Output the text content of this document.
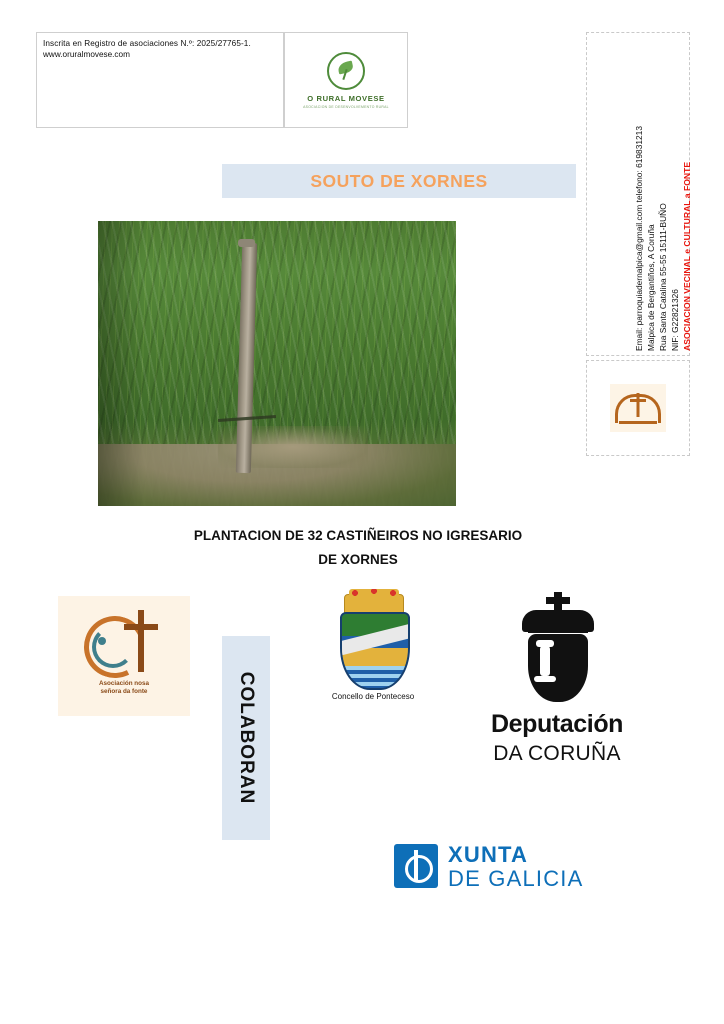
Inscrita en Registro de asociaciones N.º: 2025/27765-1.
www.oruralmovese.com
O RURAL MOVESE
ASOCIACION DE DESENVOLVEMENTO RURAL
ASOCIACION VECINAL e CULTURAL a FONTE
NIF: G22821326
Rua Santa Catalina 55-55 15111-BUÑO
Malpica de Bergantiños, A Coruña
Email: parroquiadernalpica@gmail.com telefono: 619831213
SOUTO DE XORNES
PLANTACION DE 32 CASTIÑEIROS NO IGRESARIO
DE XORNES
Asociación nosa
señora da fonte	COLABORAN	Concello de Ponteceso
Deputación
DA CORUÑA
XUNTA
DE GALICIA
